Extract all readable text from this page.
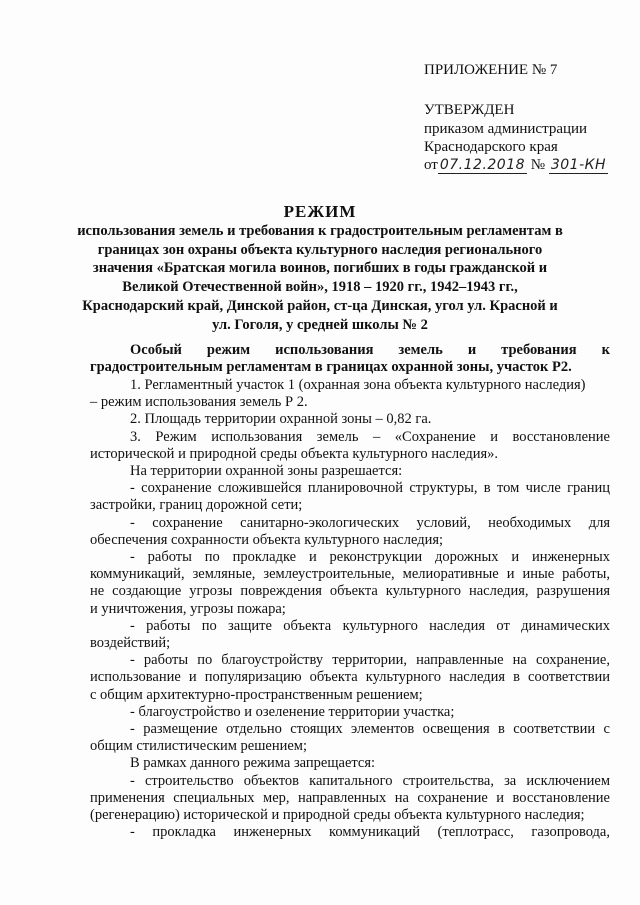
ПРИЛОЖЕНИЕ № 7
УТВЕРЖДЕН
приказом администрации
Краснодарского края
от 07.12.2018 № 301-КН
РЕЖИМ
использования земель и требования к градостроительным регламентам в
границах зон охраны объекта культурного наследия регионального
значения «Братская могила воинов, погибших в годы гражданской и
Великой Отечественной войн», 1918 – 1920 гг., 1942–1943 гг.,
Краснодарский край, Динской район, ст-ца Динская, угол ул. Красной и
ул. Гоголя, у средней школы № 2
Особый режим использования земель и требования к
градостроительным регламентам в границах охранной зоны, участок Р2.

1. Регламентный участок 1 (охранная зона объекта культурного наследия)

– режим использования земель Р 2.

2. Площадь территории охранной зоны – 0,82 га.

3. Режим использования земель – «Сохранение и восстановление

исторической и природной среды объекта культурного наследия».

На территории охранной зоны разрешается:

- сохранение сложившейся планировочной структуры, в том числе границ

застройки, границ дорожной сети;

- сохранение санитарно-экологических условий, необходимых для

обеспечения сохранности объекта культурного наследия;

- работы по прокладке и реконструкции дорожных и инженерных

коммуникаций, земляные, землеустроительные, мелиоративные и иные работы,

не создающие угрозы повреждения объекта культурного наследия, разрушения

и уничтожения, угрозы пожара;

- работы по защите объекта культурного наследия от динамических

воздействий;

- работы по благоустройству территории, направленные на сохранение,

использование и популяризацию объекта культурного наследия в соответствии

с общим архитектурно-пространственным решением;

- благоустройство и озеленение территории участка;

- размещение отдельно стоящих элементов освещения в соответствии с

общим стилистическим решением;

В рамках данного режима запрещается:

- строительство объектов капитального строительства, за исключением

применения специальных мер, направленных на сохранение и восстановление

(регенерацию) исторической и природной среды объекта культурного наследия;

- прокладка инженерных коммуникаций (теплотрасс, газопровода,
